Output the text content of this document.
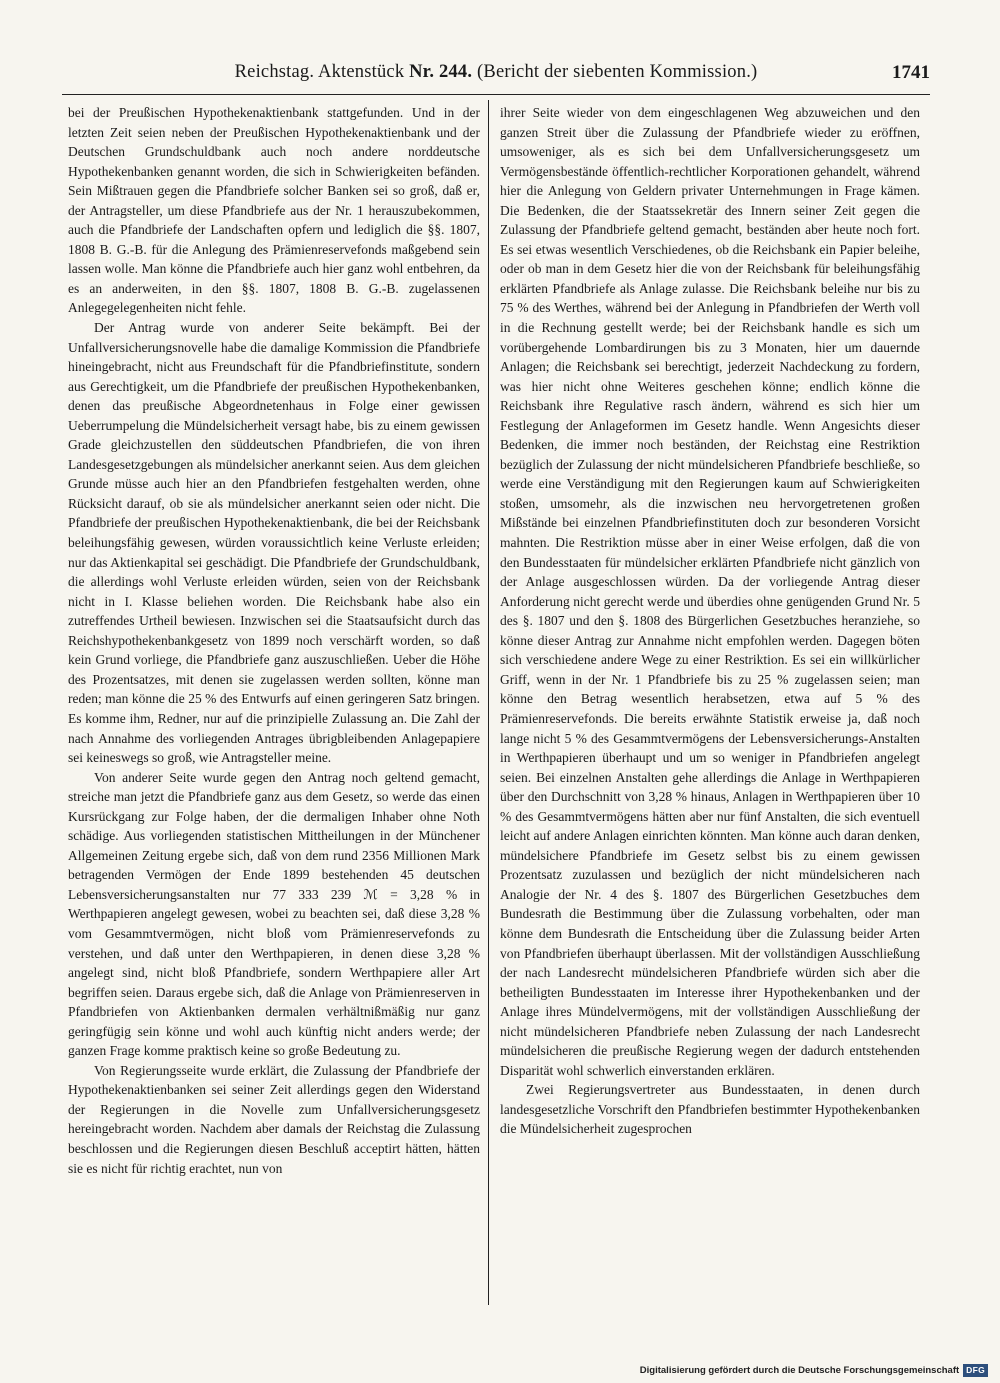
Reichstag. Aktenstück Nr. 244. (Bericht der siebenten Kommission.)	1741

bei der Preußischen Hypothekenaktienbank stattgefunden. Und in der letzten Zeit seien neben der Preußischen Hypothekenaktienbank und der Deutschen Grundschuldbank auch noch andere norddeutsche Hypothekenbanken genannt worden, die sich in Schwierigkeiten befänden. Sein Mißtrauen gegen die Pfandbriefe solcher Banken sei so groß, daß er, der Antragsteller, um diese Pfandbriefe aus der Nr. 1 herauszubekommen, auch die Pfandbriefe der Landschaften opfern und lediglich die §§. 1807, 1808 B. G.-B. für die Anlegung des Prämienreservefonds maßgebend sein lassen wolle. Man könne die Pfandbriefe auch hier ganz wohl entbehren, da es an anderweiten, in den §§. 1807, 1808 B. G.-B. zugelassenen Anlegegelegenheiten nicht fehle.

Der Antrag wurde von anderer Seite bekämpft. Bei der Unfallversicherungsnovelle habe die damalige Kommission die Pfandbriefe hineingebracht, nicht aus Freundschaft für die Pfandbriefinstitute, sondern aus Gerechtigkeit, um die Pfandbriefe der preußischen Hypothekenbanken, denen das preußische Abgeordnetenhaus in Folge einer gewissen Ueberrumpelung die Mündelsicherheit versagt habe, bis zu einem gewissen Grade gleichzustellen den süddeutschen Pfandbriefen, die von ihren Landesgesetzgebungen als mündelsicher anerkannt seien. Aus dem gleichen Grunde müsse auch hier an den Pfandbriefen festgehalten werden, ohne Rücksicht darauf, ob sie als mündelsicher anerkannt seien oder nicht. Die Pfandbriefe der preußischen Hypothekenaktienbank, die bei der Reichsbank beleihungsfähig gewesen, würden voraussichtlich keine Verluste erleiden; nur das Aktienkapital sei geschädigt. Die Pfandbriefe der Grundschuldbank, die allerdings wohl Verluste erleiden würden, seien von der Reichsbank nicht in I. Klasse beliehen worden. Die Reichsbank habe also ein zutreffendes Urtheil bewiesen. Inzwischen sei die Staatsaufsicht durch das Reichshypothekenbankgesetz von 1899 noch verschärft worden, so daß kein Grund vorliege, die Pfandbriefe ganz auszuschließen. Ueber die Höhe des Prozentsatzes, mit denen sie zugelassen werden sollten, könne man reden; man könne die 25 % des Entwurfs auf einen geringeren Satz bringen. Es komme ihm, Redner, nur auf die prinzipielle Zulassung an. Die Zahl der nach Annahme des vorliegenden Antrages übrigbleibenden Anlagepapiere sei keineswegs so groß, wie Antragsteller meine.

Von anderer Seite wurde gegen den Antrag noch geltend gemacht, streiche man jetzt die Pfandbriefe ganz aus dem Gesetz, so werde das einen Kursrückgang zur Folge haben, der die dermaligen Inhaber ohne Noth schädige. Aus vorliegenden statistischen Mittheilungen in der Münchener Allgemeinen Zeitung ergebe sich, daß von dem rund 2356 Millionen Mark betragenden Vermögen der Ende 1899 bestehenden 45 deutschen Lebensversicherungsanstalten nur 77 333 239 ℳ = 3,28 % in Werthpapieren angelegt gewesen, wobei zu beachten sei, daß diese 3,28 % vom Gesammtvermögen, nicht bloß vom Prämienreservefonds zu verstehen, und daß unter den Werthpapieren, in denen diese 3,28 % angelegt sind, nicht bloß Pfandbriefe, sondern Werthpapiere aller Art begriffen seien. Daraus ergebe sich, daß die Anlage von Prämienreserven in Pfandbriefen von Aktienbanken dermalen verhältnißmäßig nur ganz geringfügig sein könne und wohl auch künftig nicht anders werde; der ganzen Frage komme praktisch keine so große Bedeutung zu.

Von Regierungsseite wurde erklärt, die Zulassung der Pfandbriefe der Hypothekenaktienbanken sei seiner Zeit allerdings gegen den Widerstand der Regierungen in die Novelle zum Unfallversicherungsgesetz hereingebracht worden. Nachdem aber damals der Reichstag die Zulassung beschlossen und die Regierungen diesen Beschluß acceptirt hätten, hätten sie es nicht für richtig erachtet, nun von

ihrer Seite wieder von dem eingeschlagenen Weg abzuweichen und den ganzen Streit über die Zulassung der Pfandbriefe wieder zu eröffnen, umsoweniger, als es sich bei dem Unfallversicherungsgesetz um Vermögensbestände öffentlich-rechtlicher Korporationen gehandelt, während hier die Anlegung von Geldern privater Unternehmungen in Frage kämen. Die Bedenken, die der Staatssekretär des Innern seiner Zeit gegen die Zulassung der Pfandbriefe geltend gemacht, beständen aber heute noch fort. Es sei etwas wesentlich Verschiedenes, ob die Reichsbank ein Papier beleihe, oder ob man in dem Gesetz hier die von der Reichsbank für beleihungsfähig erklärten Pfandbriefe als Anlage zulasse. Die Reichsbank beleihe nur bis zu 75 % des Werthes, während bei der Anlegung in Pfandbriefen der Werth voll in die Rechnung gestellt werde; bei der Reichsbank handle es sich um vorübergehende Lombardirungen bis zu 3 Monaten, hier um dauernde Anlagen; die Reichsbank sei berechtigt, jederzeit Nachdeckung zu fordern, was hier nicht ohne Weiteres geschehen könne; endlich könne die Reichsbank ihre Regulative rasch ändern, während es sich hier um Festlegung der Anlageformen im Gesetz handle. Wenn Angesichts dieser Bedenken, die immer noch beständen, der Reichstag eine Restriktion bezüglich der Zulassung der nicht mündelsicheren Pfandbriefe beschließe, so werde eine Verständigung mit den Regierungen kaum auf Schwierigkeiten stoßen, umsomehr, als die inzwischen neu hervorgetretenen großen Mißstände bei einzelnen Pfandbriefinstituten doch zur besonderen Vorsicht mahnten. Die Restriktion müsse aber in einer Weise erfolgen, daß die von den Bundesstaaten für mündelsicher erklärten Pfandbriefe nicht gänzlich von der Anlage ausgeschlossen würden. Da der vorliegende Antrag dieser Anforderung nicht gerecht werde und überdies ohne genügenden Grund Nr. 5 des §. 1807 und den §. 1808 des Bürgerlichen Gesetzbuches heranziehe, so könne dieser Antrag zur Annahme nicht empfohlen werden. Dagegen böten sich verschiedene andere Wege zu einer Restriktion. Es sei ein willkürlicher Griff, wenn in der Nr. 1 Pfandbriefe bis zu 25 % zugelassen seien; man könne den Betrag wesentlich herabsetzen, etwa auf 5 % des Prämienreservefonds. Die bereits erwähnte Statistik erweise ja, daß noch lange nicht 5 % des Gesammtvermögens der Lebensversicherungs-Anstalten in Werthpapieren überhaupt und um so weniger in Pfandbriefen angelegt seien. Bei einzelnen Anstalten gehe allerdings die Anlage in Werthpapieren über den Durchschnitt von 3,28 % hinaus, Anlagen in Werthpapieren über 10 % des Gesammtvermögens hätten aber nur fünf Anstalten, die sich eventuell leicht auf andere Anlagen einrichten könnten. Man könne auch daran denken, mündelsichere Pfandbriefe im Gesetz selbst bis zu einem gewissen Prozentsatz zuzulassen und bezüglich der nicht mündelsicheren nach Analogie der Nr. 4 des §. 1807 des Bürgerlichen Gesetzbuches dem Bundesrath die Bestimmung über die Zulassung vorbehalten, oder man könne dem Bundesrath die Entscheidung über die Zulassung beider Arten von Pfandbriefen überhaupt überlassen. Mit der vollständigen Ausschließung der nach Landesrecht mündelsicheren Pfandbriefe würden sich aber die betheiligten Bundesstaaten im Interesse ihrer Hypothekenbanken und der Anlage ihres Mündelvermögens, mit der vollständigen Ausschließung der nicht mündelsicheren Pfandbriefe neben Zulassung der nach Landesrecht mündelsicheren die preußische Regierung wegen der dadurch entstehenden Disparität wohl schwerlich einverstanden erklären.

Zwei Regierungsvertreter aus Bundesstaaten, in denen durch landesgesetzliche Vorschrift den Pfandbriefen bestimmter Hypothekenbanken die Mündelsicherheit zugesprochen

Digitalisierung gefördert durch die Deutsche Forschungsgemeinschaft DFG
